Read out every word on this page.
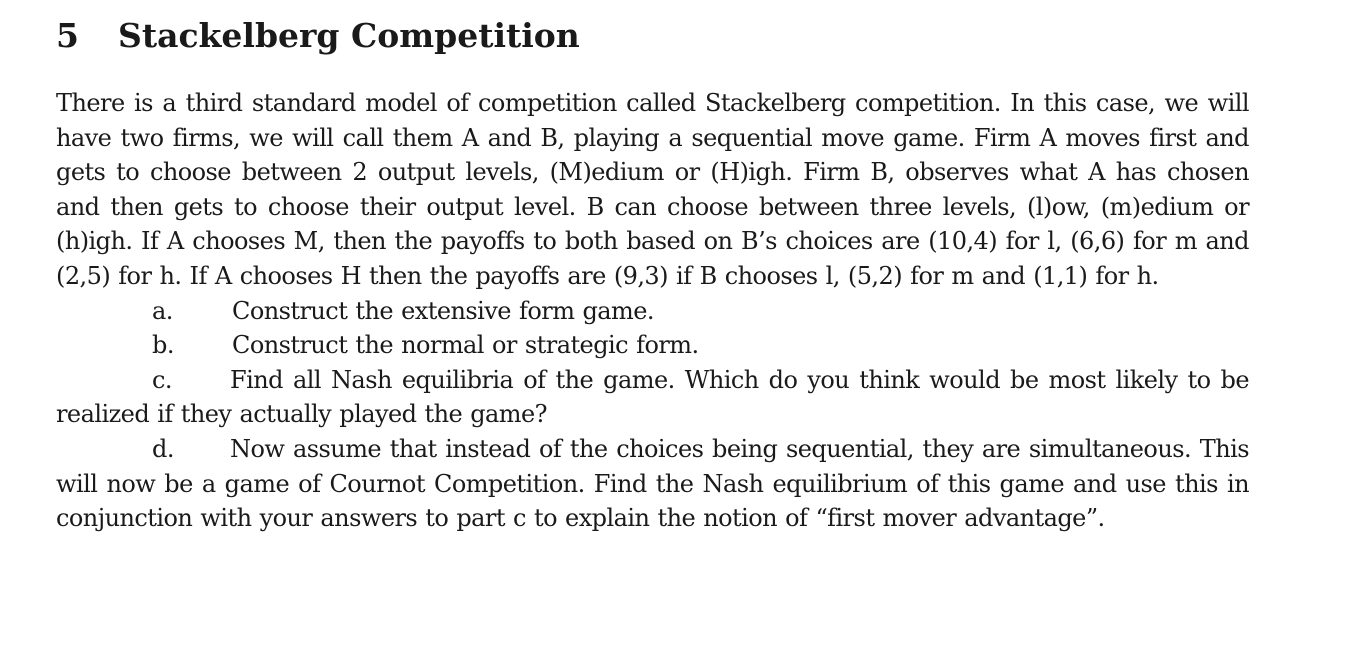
5 Stackelberg Competition

There is a third standard model of competition called Stackelberg competition. In this case, we will have two firms, we will call them A and B, playing a sequential move game. Firm A moves first and gets to choose between 2 output levels, (M)edium or (H)igh. Firm B, observes what A has chosen and then gets to choose their output level. B can choose between three levels, (l)ow, (m)edium or (h)igh. If A chooses M, then the payoffs to both based on B’s choices are (10,4) for l, (6,6) for m and (2,5) for h. If A chooses H then the payoffs are (9,3) if B chooses l, (5,2) for m and (1,1) for h.

a.	Construct the extensive form game.
b.	Construct the normal or strategic form.

c. Find all Nash equilibria of the game. Which do you think would be most likely to be realized if they actually played the game?

d. Now assume that instead of the choices being sequential, they are simultaneous. This will now be a game of Cournot Competition. Find the Nash equilibrium of this game and use this in conjunction with your answers to part c to explain the notion of “first mover advantage”.
